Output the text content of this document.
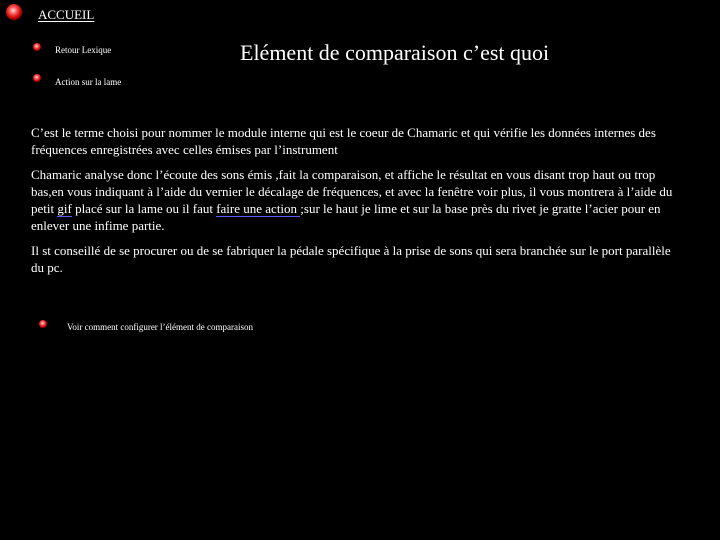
ACCUEIL
Retour Lexique
Action sur la lame
Elément de comparaison c’est quoi

C’est le terme choisi pour nommer le module interne qui est le coeur de Chamaric et qui vérifie les données internes des fréquences enregistrées avec celles émises par l’instrument

Chamaric analyse donc l’écoute des sons émis ,fait la comparaison, et affiche le résultat en vous disant trop haut ou trop bas,en vous indiquant à l’aide du vernier le décalage de fréquences, et avec la fenêtre voir plus, il vous montrera à l’aide du petit gif placé sur la lame ou il faut faire une action ;sur le haut je lime et sur la base près du rivet je gratte l’acier pour en enlever une infime partie.

Il st conseillé de se procurer ou de se fabriquer la pédale spécifique à la prise de sons qui sera branchée sur le port parallèle du pc.

Voir comment configurer l’élément de comparaison
